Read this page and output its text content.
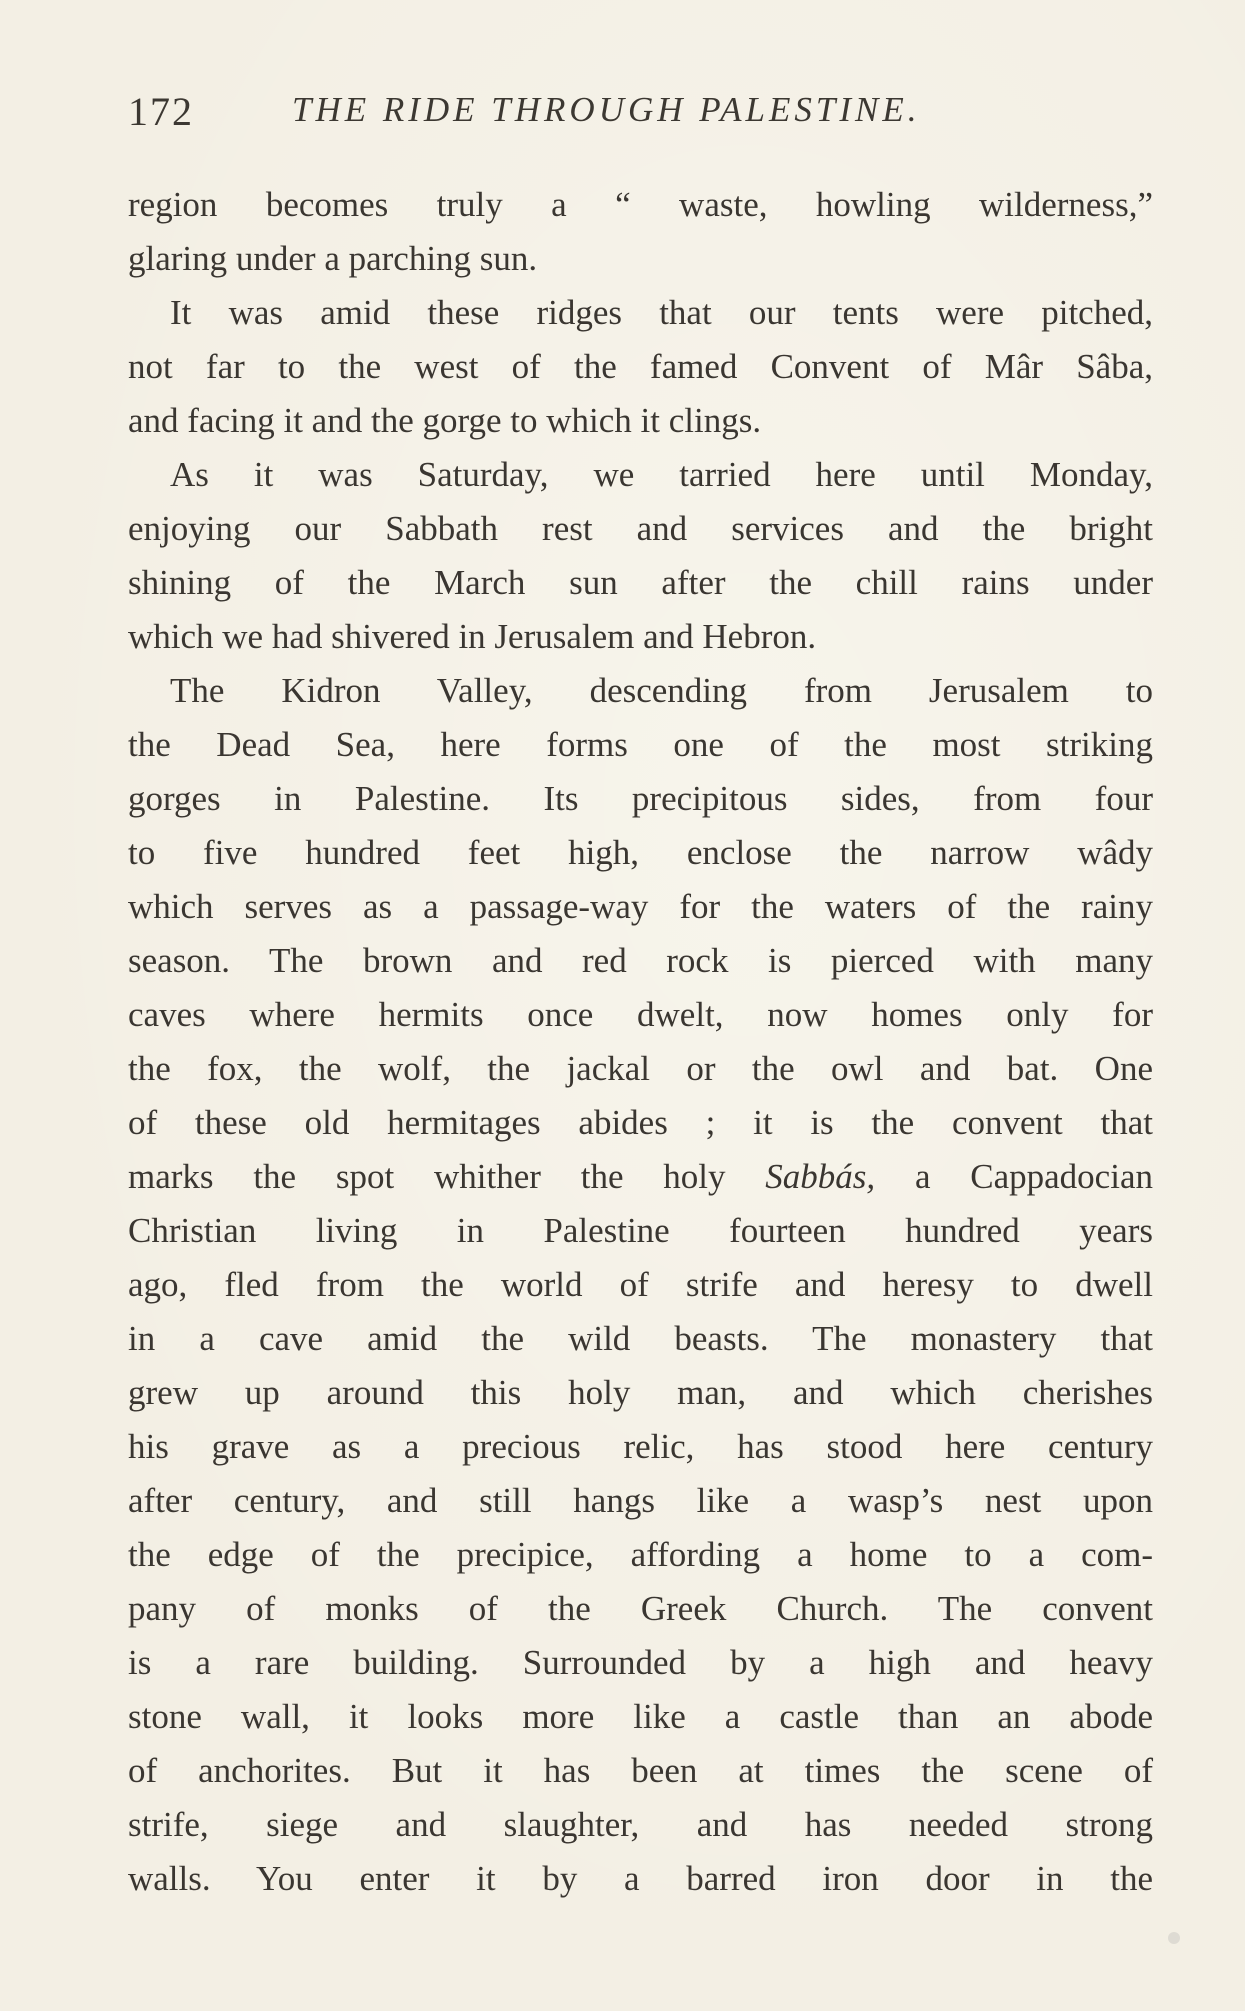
172	THE RIDE THROUGH PALESTINE.
region becomes truly a “ waste, howling wilderness,”
glaring under a parching sun.
It was amid these ridges that our tents were pitched,
not far to the west of the famed Convent of Mâr Sâba,
and facing it and the gorge to which it clings.
As it was Saturday, we tarried here until Monday,
enjoying our Sabbath rest and services and the bright
shining of the March sun after the chill rains under
which we had shivered in Jerusalem and Hebron.
The Kidron Valley, descending from Jerusalem to
the Dead Sea, here forms one of the most striking
gorges in Palestine. Its precipitous sides, from four
to five hundred feet high, enclose the narrow wâdy
which serves as a passage-way for the waters of the rainy
season. The brown and red rock is pierced with many
caves where hermits once dwelt, now homes only for
the fox, the wolf, the jackal or the owl and bat. One
of these old hermitages abides ; it is the convent that
marks the spot whither the holy Sabbás, a Cappadocian
Christian living in Palestine fourteen hundred years
ago, fled from the world of strife and heresy to dwell
in a cave amid the wild beasts. The monastery that
grew up around this holy man, and which cherishes
his grave as a precious relic, has stood here century
after century, and still hangs like a wasp’s nest upon
the edge of the precipice, affording a home to a com-
pany of monks of the Greek Church. The convent
is a rare building. Surrounded by a high and heavy
stone wall, it looks more like a castle than an abode
of anchorites. But it has been at times the scene of
strife, siege and slaughter, and has needed strong
walls. You enter it by a barred iron door in the
